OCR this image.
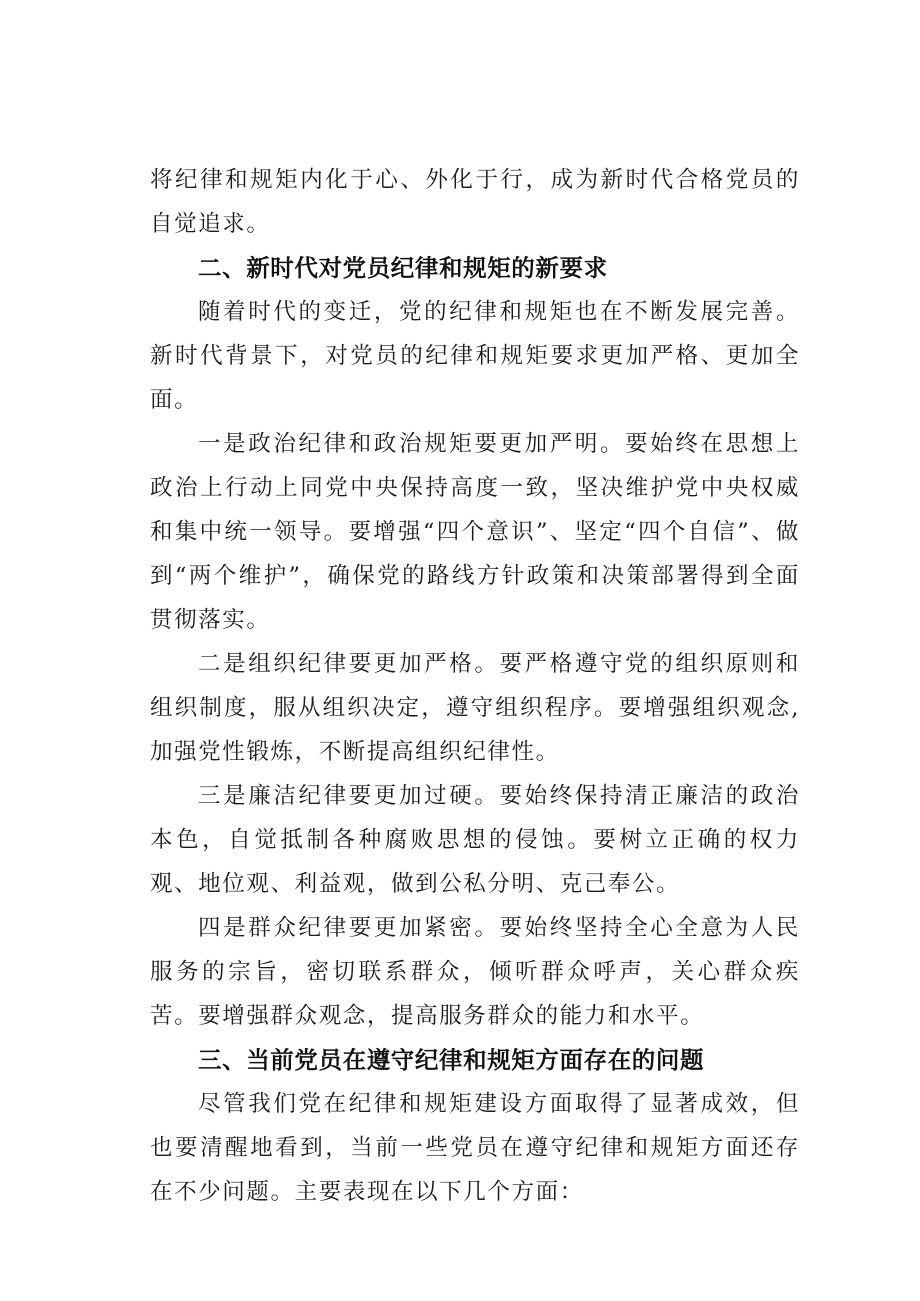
将纪律和规矩内化于心、外化于行，成为新时代合格党员的自觉追求。

二、新时代对党员纪律和规矩的新要求

随着时代的变迁，党的纪律和规矩也在不断发展完善。新时代背景下，对党员的纪律和规矩要求更加严格、更加全面。

一是政治纪律和政治规矩要更加严明。要始终在思想上政治上行动上同党中央保持高度一致，坚决维护党中央权威和集中统一领导。要增强“四个意识”、坚定“四个自信”、做到“两个维护”，确保党的路线方针政策和决策部署得到全面贯彻落实。

二是组织纪律要更加严格。要严格遵守党的组织原则和组织制度，服从组织决定，遵守组织程序。要增强组织观念,加强党性锻炼，不断提高组织纪律性。

三是廉洁纪律要更加过硬。要始终保持清正廉洁的政治本色，自觉抵制各种腐败思想的侵蚀。要树立正确的权力观、地位观、利益观，做到公私分明、克己奉公。

四是群众纪律要更加紧密。要始终坚持全心全意为人民服务的宗旨，密切联系群众，倾听群众呼声，关心群众疾苦。要增强群众观念，提高服务群众的能力和水平。

三、当前党员在遵守纪律和规矩方面存在的问题

尽管我们党在纪律和规矩建设方面取得了显著成效，但也要清醒地看到，当前一些党员在遵守纪律和规矩方面还存在不少问题。主要表现在以下几个方面：
